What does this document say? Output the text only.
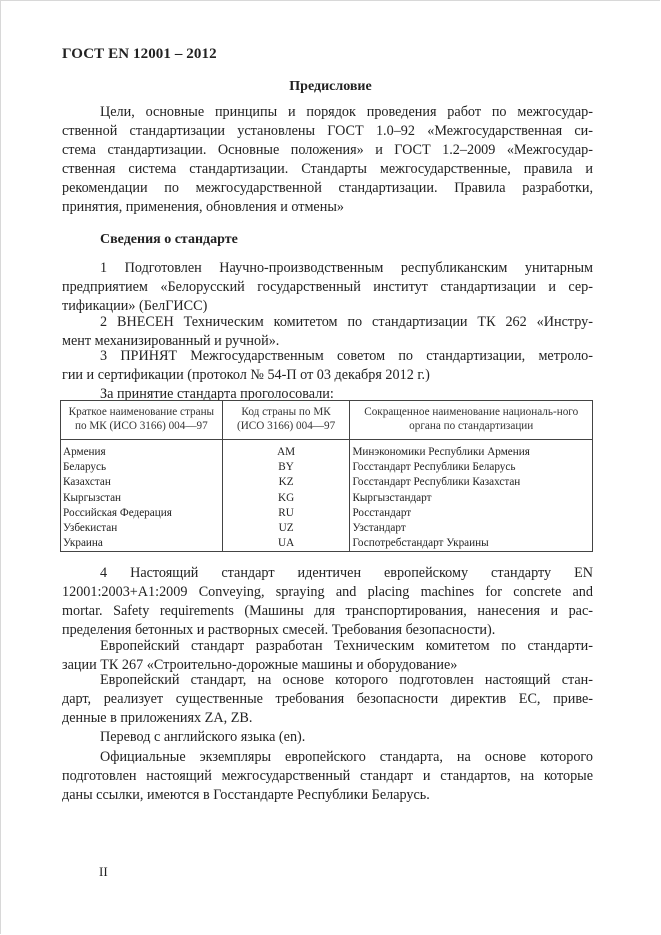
ГОСТ EN 12001 – 2012
Предисловие
Цели, основные принципы и порядок проведения работ по межгосудар-
ственной стандартизации установлены ГОСТ 1.0–92 «Межгосударственная си-
стема стандартизации. Основные положения» и ГОСТ 1.2–2009 «Межгосудар-
ственная система стандартизации. Стандарты межгосударственные, правила и
рекомендации по межгосударственной стандартизации. Правила разработки,
принятия, применения, обновления и отмены»
Сведения о стандарте
1 Подготовлен Научно-производственным республиканским унитарным
предприятием «Белорусский государственный институт стандартизации и сер-
тификации» (БелГИСС)
2 ВНЕСЕН Техническим комитетом по стандартизации ТК 262 «Инстру-
мент механизированный и ручной».
3 ПРИНЯТ Межгосударственным советом по стандартизации, метроло-
гии и сертификации (протокол № 54-П от 03 декабря 2012 г.)
За принятие стандарта проголосовали:
Краткое наименование страны по МК (ИСО 3166) 004—97	Код страны по МК (ИСО 3166) 004—97	Сокращенное наименование националь-ного органа по стандартизации
Армения	AM	Минэкономики Республики Армения
Беларусь	BY	Госстандарт Республики Беларусь
Казахстан	KZ	Госстандарт Республики Казахстан
Кыргызстан	KG	Кыргызстандарт
Российская Федерация	RU	Росстандарт
Узбекистан	UZ	Узстандарт
Украина	UA	Госпотребстандарт Украины
4 Настоящий стандарт идентичен европейскому стандарту EN
12001:2003+A1:2009 Conveying, spraying and placing machines for concrete and
mortar. Safety requirements (Машины для транспортирования, нанесения и рас-
пределения бетонных и растворных смесей. Требования безопасности).
Европейский стандарт разработан Техническим комитетом по стандарти-
зации ТК 267 «Строительно-дорожные машины и оборудование»
Европейский стандарт, на основе которого подготовлен настоящий стан-
дарт, реализует существенные требования безопасности директив ЕС, приве-
денные в приложениях ZA, ZB.
Перевод с английского языка (en).
Официальные экземпляры европейского стандарта, на основе которого
подготовлен настоящий межгосударственный стандарт и стандартов, на которые
даны ссылки, имеются в Госстандарте Республики Беларусь.
II
